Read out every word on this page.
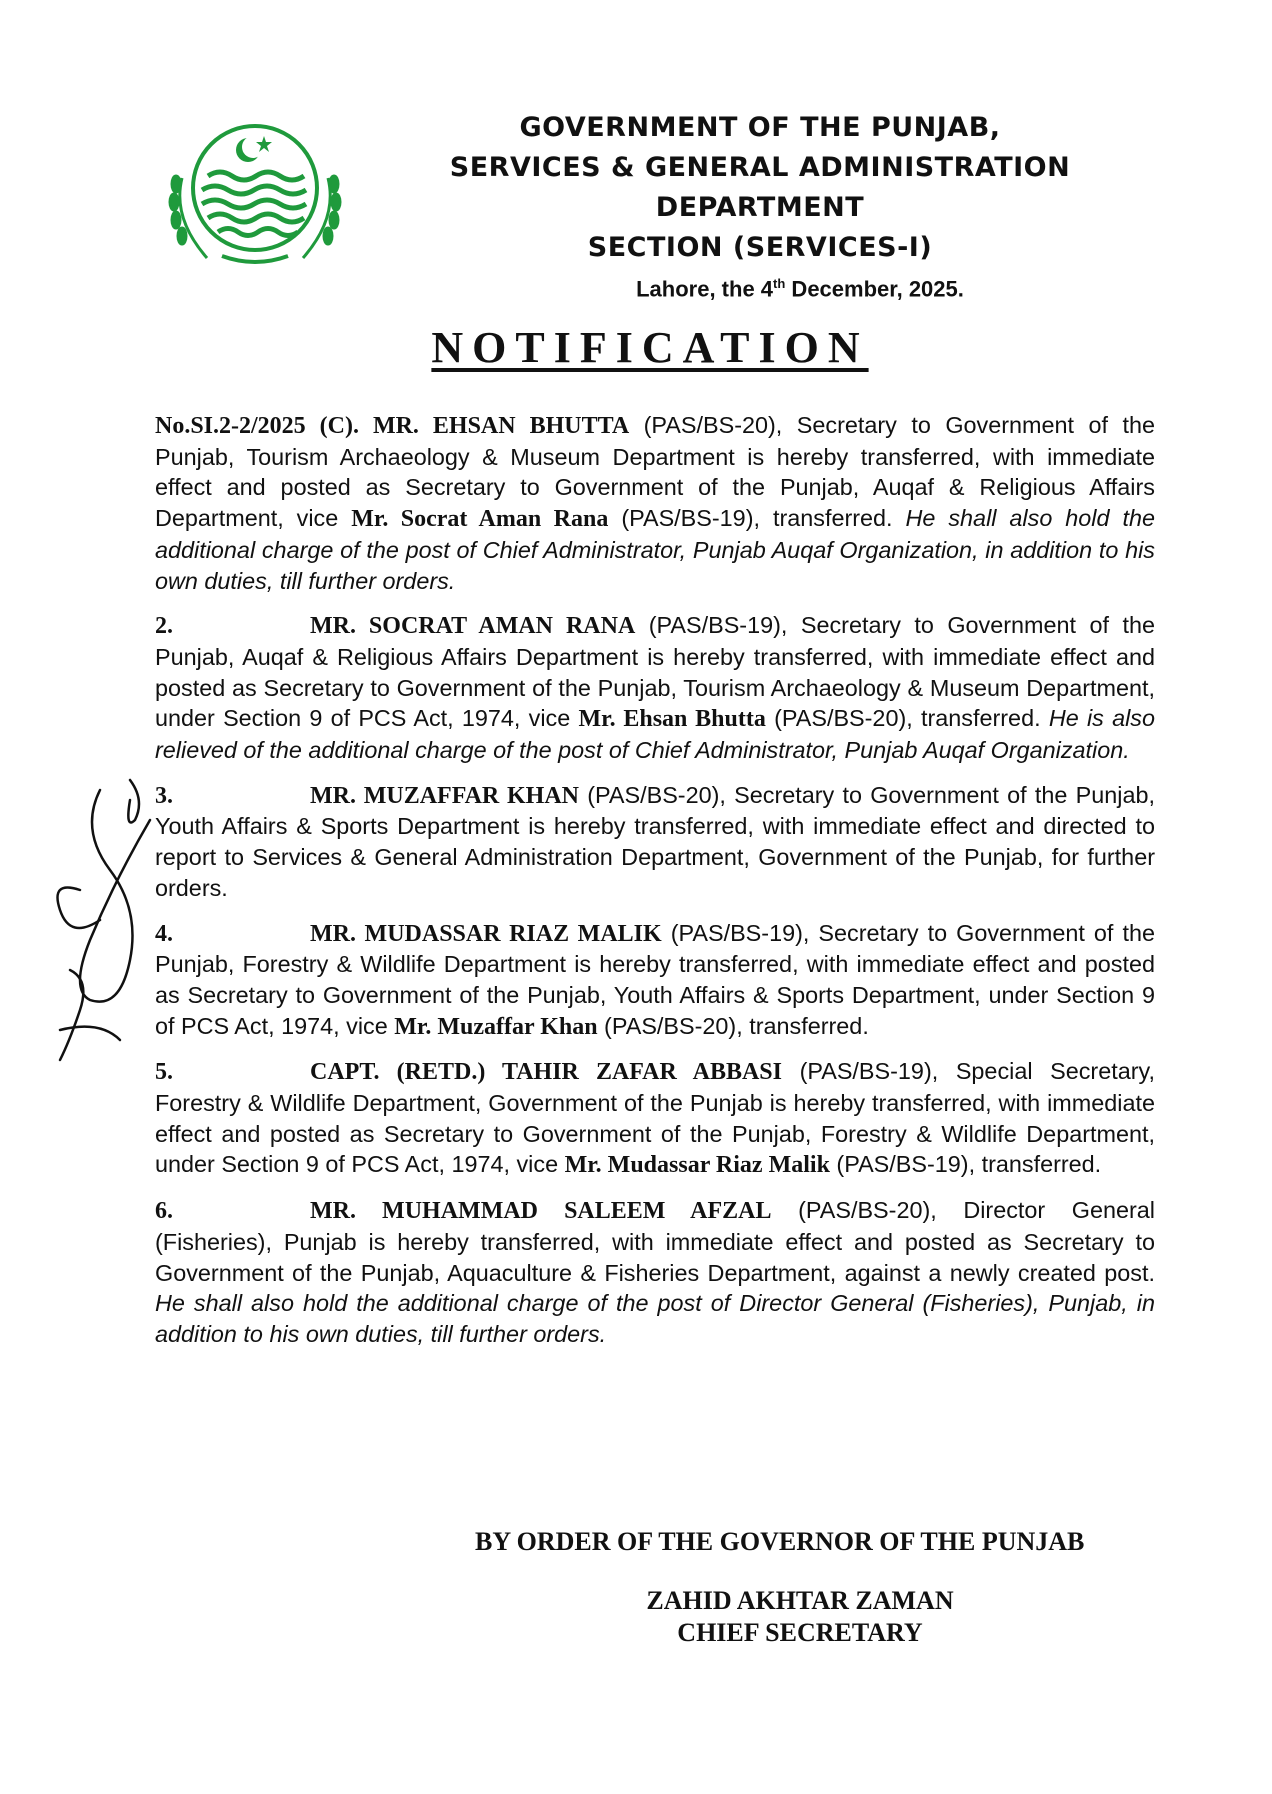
GOVERNMENT OF THE PUNJAB,
SERVICES & GENERAL ADMINISTRATION
DEPARTMENT
SECTION (SERVICES-I)
Lahore, the 4th December, 2025.
NOTIFICATION

No.SI.2-2/2025 (C). MR. EHSAN BHUTTA (PAS/BS-20), Secretary to Government of the Punjab, Tourism Archaeology & Museum Department is hereby transferred, with immediate effect and posted as Secretary to Government of the Punjab, Auqaf & Religious Affairs Department, vice Mr. Socrat Aman Rana (PAS/BS-19), transferred. He shall also hold the additional charge of the post of Chief Administrator, Punjab Auqaf Organization, in addition to his own duties, till further orders.

2.	MR. SOCRAT AMAN RANA (PAS/BS-19), Secretary to Government of the Punjab, Auqaf & Religious Affairs Department is hereby transferred, with immediate effect and posted as Secretary to Government of the Punjab, Tourism Archaeology & Museum Department, under Section 9 of PCS Act, 1974, vice Mr. Ehsan Bhutta (PAS/BS-20), transferred. He is also relieved of the additional charge of the post of Chief Administrator, Punjab Auqaf Organization.

3.	MR. MUZAFFAR KHAN (PAS/BS-20), Secretary to Government of the Punjab, Youth Affairs & Sports Department is hereby transferred, with immediate effect and directed to report to Services & General Administration Department, Government of the Punjab, for further orders.

4.	MR. MUDASSAR RIAZ MALIK (PAS/BS-19), Secretary to Government of the Punjab, Forestry & Wildlife Department is hereby transferred, with immediate effect and posted as Secretary to Government of the Punjab, Youth Affairs & Sports Department, under Section 9 of PCS Act, 1974, vice Mr. Muzaffar Khan (PAS/BS-20), transferred.

5.	CAPT. (RETD.) TAHIR ZAFAR ABBASI (PAS/BS-19), Special Secretary, Forestry & Wildlife Department, Government of the Punjab is hereby transferred, with immediate effect and posted as Secretary to Government of the Punjab, Forestry & Wildlife Department, under Section 9 of PCS Act, 1974, vice Mr. Mudassar Riaz Malik (PAS/BS-19), transferred.

6.	MR. MUHAMMAD SALEEM AFZAL (PAS/BS-20), Director General (Fisheries), Punjab is hereby transferred, with immediate effect and posted as Secretary to Government of the Punjab, Aquaculture & Fisheries Department, against a newly created post. He shall also hold the additional charge of the post of Director General (Fisheries), Punjab, in addition to his own duties, till further orders.

BY ORDER OF THE GOVERNOR OF THE PUNJAB
ZAHID AKHTAR ZAMAN
CHIEF SECRETARY
